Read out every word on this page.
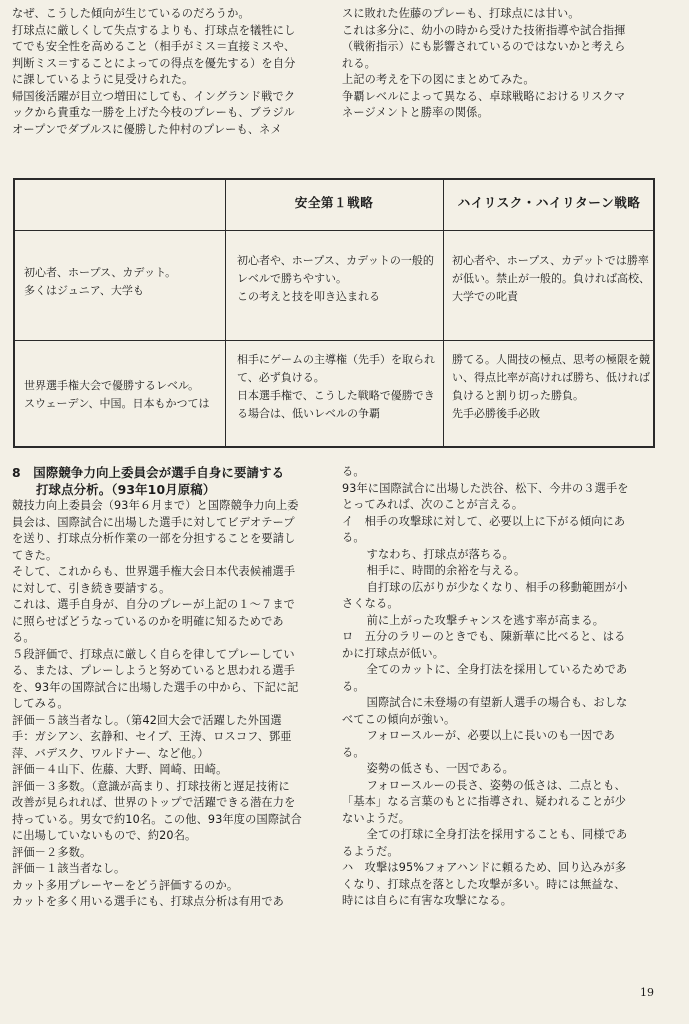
なぜ、こうした傾向が生じているのだろうか。

打球点に厳しくして失点するよりも、打球点を犠牲にし

てでも安全性を高めること（相手がミス＝直接ミスや、

判断ミス＝することによっての得点を優先する）を自分

に課しているように見受けられた。

帰国後活躍が目立つ増田にしても、イングランド戦でク

ックから貴重な一勝を上げた今枝のプレーも、ブラジル

オープンでダブルスに優勝した仲村のプレーも、ネメ

スに敗れた佐藤のプレーも、打球点には甘い。

これは多分に、幼小の時から受けた技術指導や試合指揮

（戦術指示）にも影響されているのではないかと考えら

れる。

上記の考えを下の図にまとめてみた。

争覇レベルによって異なる、卓球戦略におけるリスクマ

ネージメントと勝率の関係。

安全第１戦略	ハイリスク・ハイリターン戦略

初心者、ホープス、カデット。

多くはジュニア、大学も

初心者や、ホープス、カデットの一般的

レベルで勝ちやすい。

この考えと技を叩き込まれる

初心者や、ホープス、カデットでは勝率

が低い。禁止が一般的。負ければ高校、

大学での叱責

世界選手権大会で優勝するレベル。

スウェーデン、中国。日本もかつては

相手にゲームの主導権（先手）を取られ

て、必ず負ける。

日本選手権で、こうした戦略で優勝でき

る場合は、低いレベルの争覇

勝てる。人間技の極点、思考の極限を競

い、得点比率が高ければ勝ち、低ければ

負けると割り切った勝負。

先手必勝後手必敗

8　国際競争力向上委員会が選手自身に要請する

打球点分析。（93年10月原稿）

競技力向上委員会（93年６月まで）と国際競争力向上委

員会は、国際試合に出場した選手に対してビデオテープ

を送り、打球点分析作業の一部を分担することを要請し

てきた。

そして、これからも、世界選手権大会日本代表候補選手

に対して、引き続き要請する。

これは、選手自身が、自分のプレーが上記の１～７まで

に照らせばどうなっているのかを明確に知るためであ

る。

５段評価で、打球点に厳しく自らを律してプレーしてい

る、または、プレーしようと努めていると思われる選手

を、93年の国際試合に出場した選手の中から、下記に記

してみる。

評価－５該当者なし。（第42回大会で活躍した外国選

手：ガシアン、玄静和、セイブ、王涛、ロスコフ、鄧亜

萍、バデスク、ワルドナー、など他。）

評価－４山下、佐藤、大野、岡崎、田崎。

評価－３多数。（意識が高まり、打球技術と遅足技術に

改善が見られれば、世界のトップで活躍できる潜在力を

持っている。男女で約10名。この他、93年度の国際試合

に出場していないもので、約20名。

評価－２多数。

評価－１該当者なし。

カット多用プレーヤーをどう評価するのか。

カットを多く用いる選手にも、打球点分析は有用であ

る。

93年に国際試合に出場した渋谷、松下、今井の３選手を

とってみれば、次のことが言える。

イ　相手の攻撃球に対して、必要以上に下がる傾向にあ

る。

すなわち、打球点が落ちる。

相手に、時間的余裕を与える。

自打球の広がりが少なくなり、相手の移動範囲が小

さくなる。

前に上がった攻撃チャンスを逃す率が高まる。

ロ　五分のラリーのときでも、陳新華に比べると、はる

かに打球点が低い。

全てのカットに、全身打法を採用しているためであ

る。

国際試合に未登場の有望新人選手の場合も、おしな

べてこの傾向が強い。

フォロースルーが、必要以上に長いのも一因であ

る。

姿勢の低さも、一因である。

フォロースルーの長さ、姿勢の低さは、二点とも、

「基本」なる言葉のもとに指導され、疑われることが少

ないようだ。

全ての打球に全身打法を採用することも、同様であ

るようだ。

ハ　攻撃は95%フォアハンドに頼るため、回り込みが多

くなり、打球点を落とした攻撃が多い。時には無益な、

時には自らに有害な攻撃になる。

19
